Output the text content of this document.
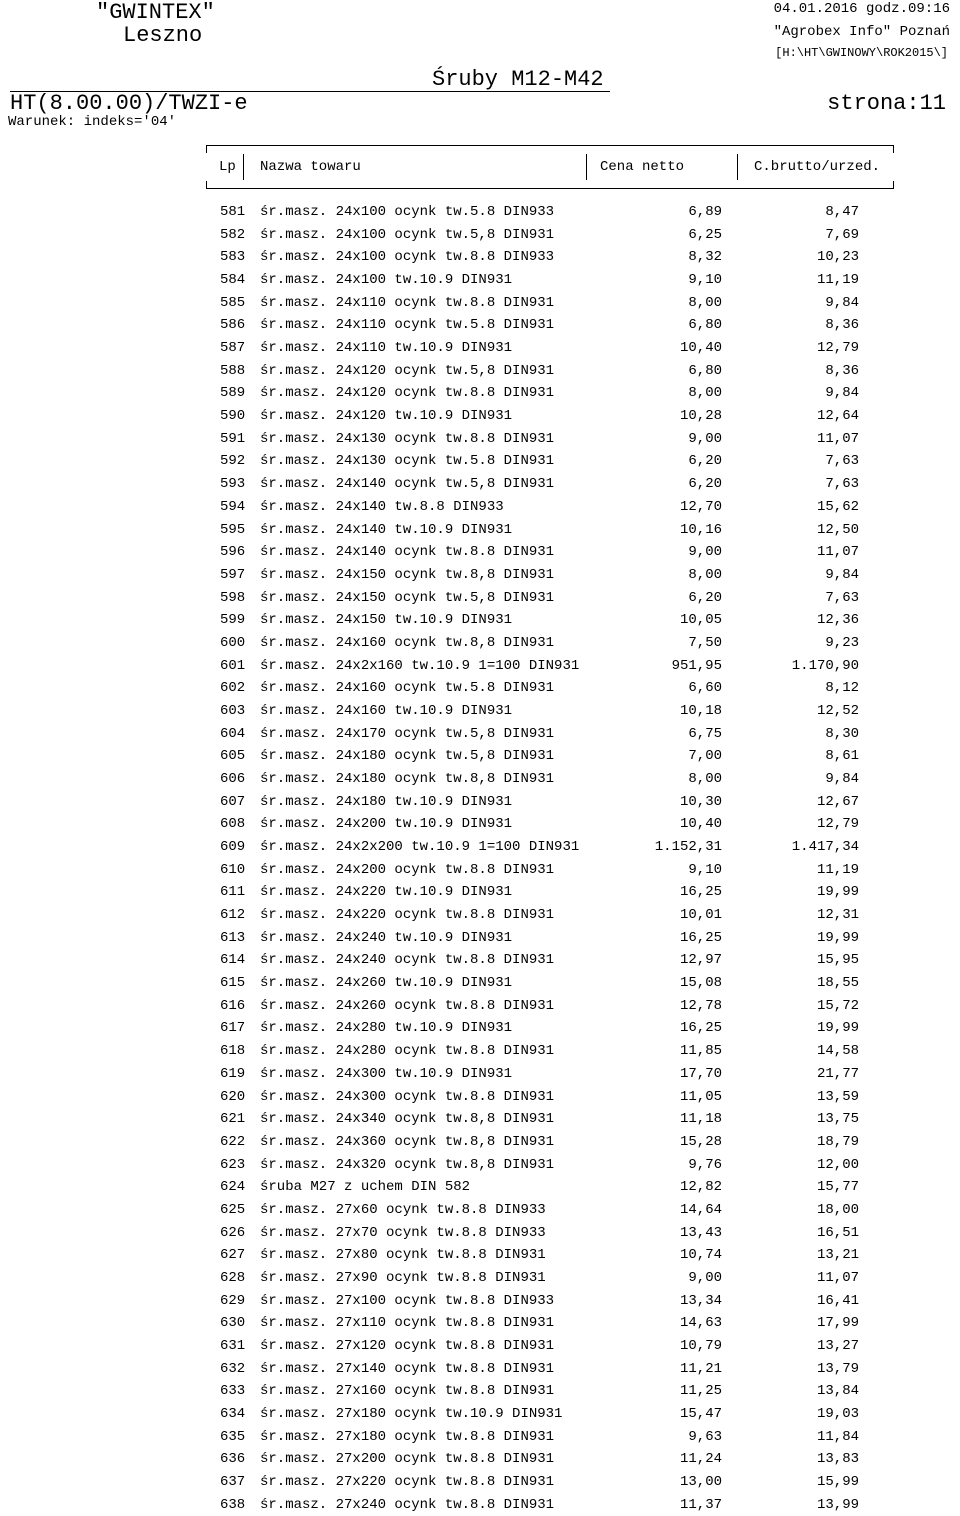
"GWINTEX"
Leszno
04.01.2016 godz.09:16
"Agrobex Info" Poznań
[H:\HT\GWINOWY\ROK2015\]
Śruby M12-M42
HT(8.00.00)/TWZI-e	strona:11
Warunek: indeks='04'
Lp Nazwa towaru	Cena netto	C.brutto/urzed.
581 śr.masz. 24x100 ocynk tw.5.8 DIN933	6,89	8,47
582 śr.masz. 24x100 ocynk tw.5,8 DIN931	6,25	7,69
583 śr.masz. 24x100 ocynk tw.8.8 DIN933	8,32	10,23
584 śr.masz. 24x100 tw.10.9 DIN931	9,10	11,19
585 śr.masz. 24x110 ocynk tw.8.8 DIN931	8,00	9,84
586 śr.masz. 24x110 ocynk tw.5.8 DIN931	6,80	8,36
587 śr.masz. 24x110 tw.10.9 DIN931	10,40	12,79
588 śr.masz. 24x120 ocynk tw.5,8 DIN931	6,80	8,36
589 śr.masz. 24x120 ocynk tw.8.8 DIN931	8,00	9,84
590 śr.masz. 24x120 tw.10.9 DIN931	10,28	12,64
591 śr.masz. 24x130 ocynk tw.8.8 DIN931	9,00	11,07
592 śr.masz. 24x130 ocynk tw.5.8 DIN931	6,20	7,63
593 śr.masz. 24x140 ocynk tw.5,8 DIN931	6,20	7,63
594 śr.masz. 24x140 tw.8.8 DIN933	12,70	15,62
595 śr.masz. 24x140 tw.10.9 DIN931	10,16	12,50
596 śr.masz. 24x140 ocynk tw.8.8 DIN931	9,00	11,07
597 śr.masz. 24x150 ocynk tw.8,8 DIN931	8,00	9,84
598 śr.masz. 24x150 ocynk tw.5,8 DIN931	6,20	7,63
599 śr.masz. 24x150 tw.10.9 DIN931	10,05	12,36
600 śr.masz. 24x160 ocynk tw.8,8 DIN931	7,50	9,23
601 śr.masz. 24x2x160 tw.10.9 1=100 DIN931	951,95	1.170,90
602 śr.masz. 24x160 ocynk tw.5.8 DIN931	6,60	8,12
603 śr.masz. 24x160 tw.10.9 DIN931	10,18	12,52
604 śr.masz. 24x170 ocynk tw.5,8 DIN931	6,75	8,30
605 śr.masz. 24x180 ocynk tw.5,8 DIN931	7,00	8,61
606 śr.masz. 24x180 ocynk tw.8,8 DIN931	8,00	9,84
607 śr.masz. 24x180 tw.10.9 DIN931	10,30	12,67
608 śr.masz. 24x200 tw.10.9 DIN931	10,40	12,79
609 śr.masz. 24x2x200 tw.10.9 1=100 DIN931	1.152,31	1.417,34
610 śr.masz. 24x200 ocynk tw.8.8 DIN931	9,10	11,19
611 śr.masz. 24x220 tw.10.9 DIN931	16,25	19,99
612 śr.masz. 24x220 ocynk tw.8.8 DIN931	10,01	12,31
613 śr.masz. 24x240 tw.10.9 DIN931	16,25	19,99
614 śr.masz. 24x240 ocynk tw.8.8 DIN931	12,97	15,95
615 śr.masz. 24x260 tw.10.9 DIN931	15,08	18,55
616 śr.masz. 24x260 ocynk tw.8.8 DIN931	12,78	15,72
617 śr.masz. 24x280 tw.10.9 DIN931	16,25	19,99
618 śr.masz. 24x280 ocynk tw.8.8 DIN931	11,85	14,58
619 śr.masz. 24x300 tw.10.9 DIN931	17,70	21,77
620 śr.masz. 24x300 ocynk tw.8.8 DIN931	11,05	13,59
621 śr.masz. 24x340 ocynk tw.8,8 DIN931	11,18	13,75
622 śr.masz. 24x360 ocynk tw.8,8 DIN931	15,28	18,79
623 śr.masz. 24x320 ocynk tw.8,8 DIN931	9,76	12,00
624 śruba M27 z uchem DIN 582	12,82	15,77
625 śr.masz. 27x60 ocynk tw.8.8 DIN933	14,64	18,00
626 śr.masz. 27x70 ocynk tw.8.8 DIN933	13,43	16,51
627 śr.masz. 27x80 ocynk tw.8.8 DIN931	10,74	13,21
628 śr.masz. 27x90 ocynk tw.8.8 DIN931	9,00	11,07
629 śr.masz. 27x100 ocynk tw.8.8 DIN933	13,34	16,41
630 śr.masz. 27x110 ocynk tw.8.8 DIN931	14,63	17,99
631 śr.masz. 27x120 ocynk tw.8.8 DIN931	10,79	13,27
632 śr.masz. 27x140 ocynk tw.8.8 DIN931	11,21	13,79
633 śr.masz. 27x160 ocynk tw.8.8 DIN931	11,25	13,84
634 śr.masz. 27x180 ocynk tw.10.9 DIN931	15,47	19,03
635 śr.masz. 27x180 ocynk tw.8.8 DIN931	9,63	11,84
636 śr.masz. 27x200 ocynk tw.8.8 DIN931	11,24	13,83
637 śr.masz. 27x220 ocynk tw.8.8 DIN931	13,00	15,99
638 śr.masz. 27x240 ocynk tw.8.8 DIN931	11,37	13,99
